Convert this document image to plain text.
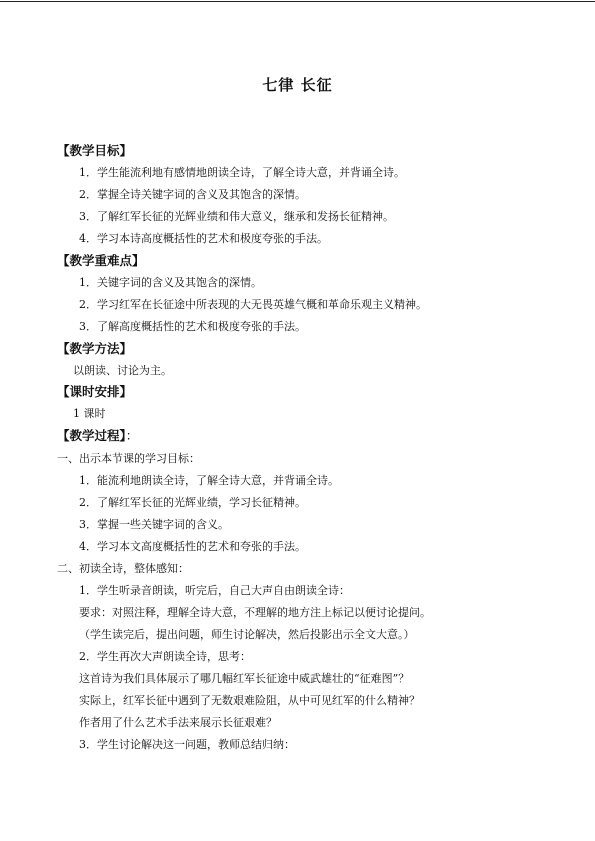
七律 长征
【教学目标】
1．学生能流利地有感情地朗读全诗，了解全诗大意，并背诵全诗。
2．掌握全诗关键字词的含义及其饱含的深情。
3．了解红军长征的光辉业绩和伟大意义，继承和发扬长征精神。
4．学习本诗高度概括性的艺术和极度夸张的手法。
【教学重难点】
1．关键字词的含义及其饱含的深情。
2．学习红军在长征途中所表现的大无畏英雄气概和革命乐观主义精神。
3．了解高度概括性的艺术和极度夸张的手法。
【教学方法】
以朗读、讨论为主。
【课时安排】
1 课时
【教学过程】：
一、出示本节课的学习目标：
1．能流利地朗读全诗，了解全诗大意，并背诵全诗。
2．了解红军长征的光辉业绩，学习长征精神。
3．掌握一些关键字词的含义。
4．学习本文高度概括性的艺术和夸张的手法。
二、初读全诗，整体感知：
1．学生听录音朗读，听完后，自己大声自由朗读全诗：
要求：对照注释，理解全诗大意，不理解的地方注上标记以便讨论提问。
（学生读完后，提出问题，师生讨论解决，然后投影出示全文大意。）
2．学生再次大声朗读全诗，思考：
这首诗为我们具体展示了哪几幅红军长征途中威武雄壮的“征难图”？
实际上，红军长征中遇到了无数艰难险阻，从中可见红军的什么精神？
作者用了什么艺术手法来展示长征艰难？
3．学生讨论解决这一问题，教师总结归纳：
